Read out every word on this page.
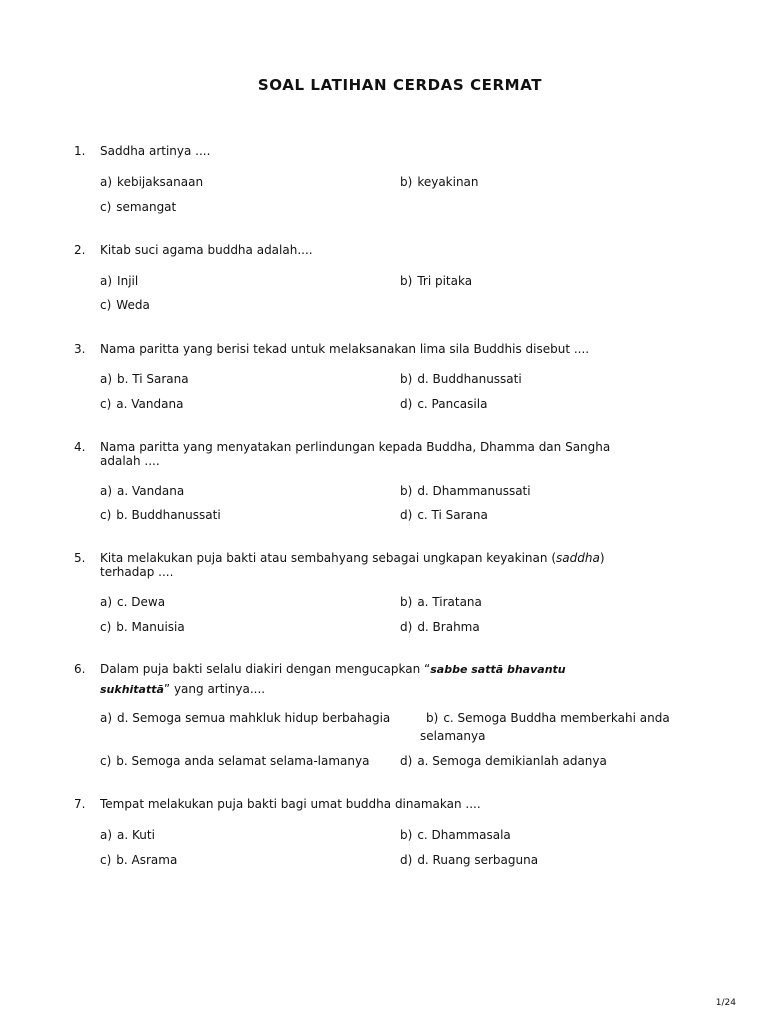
SOAL LATIHAN CERDAS CERMAT
1. Saddha artinya ....
a) kebijaksanaan	b) keyakinan
c) semangat
2. Kitab suci agama buddha adalah....
a) Injil	b) Tri pitaka
c) Weda
3. Nama paritta yang berisi tekad untuk melaksanakan lima sila Buddhis disebut ....
a) b. Ti Sarana	b) d. Buddhanussati
c) a. Vandana	d) c. Pancasila
4. Nama paritta yang menyatakan perlindungan kepada Buddha, Dhamma dan Sangha
adalah ....
a) a. Vandana	b) d. Dhammanussati
c) b. Buddhanussati	d) c. Ti Sarana
5. Kita melakukan puja bakti atau sembahyang sebagai ungkapan keyakinan (saddha)
terhadap ....
a) c. Dewa	b) a. Tiratana
c) b. Manuisia	d) d. Brahma
6. Dalam puja bakti selalu diakiri dengan mengucapkan “sabbe sattā bhavantu
sukhitattā” yang artinya....
a) d. Semoga semua mahkluk hidup berbahagia	b) c. Semoga Buddha memberkahi anda
selamanya
c) b. Semoga anda selamat selama-lamanya	d) a. Semoga demikianlah adanya
7. Tempat melakukan puja bakti bagi umat buddha dinamakan ....
a) a. Kuti	b) c. Dhammasala
c) b. Asrama	d) d. Ruang serbaguna
1/24
